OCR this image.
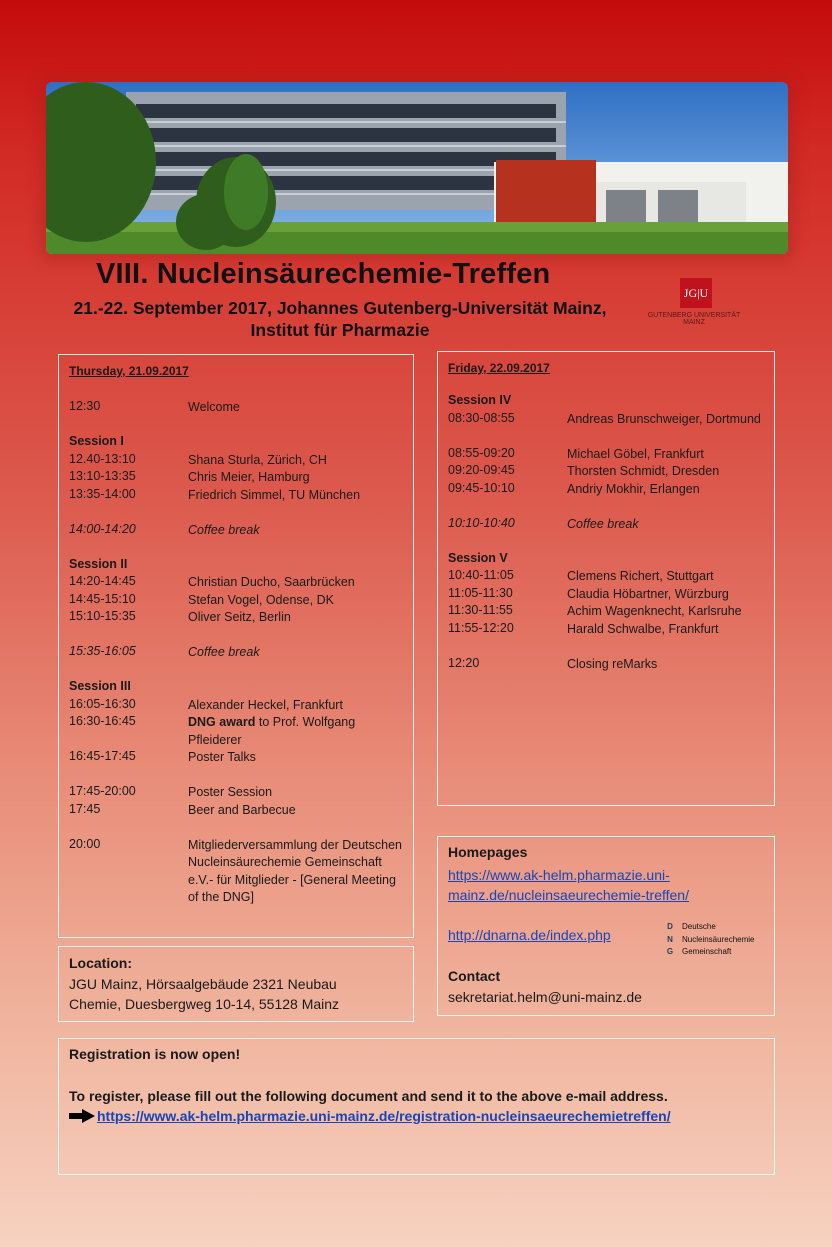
VIII. Nucleinsäurechemie-Treffen
21.-22. September 2017, Johannes Gutenberg-Universität Mainz,
Institut für Pharmazie
JG|U
GUTENBERG UNIVERSITÄT MAINZ
Thursday, 21.09.2017
12:30	Welcome
Session I
12.40-13:10	Shana Sturla, Zürich, CH
13:10-13:35	Chris Meier, Hamburg
13:35-14:00	Friedrich Simmel, TU München
14:00-14:20	Coffee break
Session II
14:20-14:45	Christian Ducho, Saarbrücken
14:45-15:10	Stefan Vogel, Odense, DK
15:10-15:35	Oliver Seitz, Berlin
15:35-16:05	Coffee break
Session III
16:05-16:30	Alexander Heckel, Frankfurt
16:30-16:45	DNG award to Prof. Wolfgang Pfleiderer
16:45-17:45	Poster Talks
17:45-20:00	Poster Session
17:45	Beer and Barbecue
20:00	Mitgliederversammlung der Deutschen Nucleinsäurechemie Gemeinschaft e.V.- für Mitglieder - [General Meeting of the DNG]
Friday, 22.09.2017
Session IV
08:30-08:55	Andreas Brunschweiger, Dortmund
08:55-09:20	Michael Göbel, Frankfurt
09:20-09:45	Thorsten Schmidt, Dresden
09:45-10:10	Andriy Mokhir, Erlangen
10:10-10:40	Coffee break
Session V
10:40-11:05	Clemens Richert, Stuttgart
11:05-11:30	Claudia Höbartner, Würzburg
11:30-11:55	Achim Wagenknecht, Karlsruhe
11:55-12:20	Harald Schwalbe, Frankfurt
12:20	Closing reMarks
Location:
JGU Mainz, Hörsaalgebäude 2321 Neubau
Chemie, Duesbergweg 10-14, 55128 Mainz
Homepages
https://www.ak-helm.pharmazie.uni-mainz.de/nucleinsaeurechemie-treffen/
http://dnarna.de/index.php
D
N
G
Deutsche
Nucleinsäurechemie
Gemeinschaft
Contact
sekretariat.helm@uni-mainz.de
Registration is now open!
To register, please fill out the following document and send it to the above e-mail address.
https://www.ak-helm.pharmazie.uni-mainz.de/registration-nucleinsaeurechemietreffen/
